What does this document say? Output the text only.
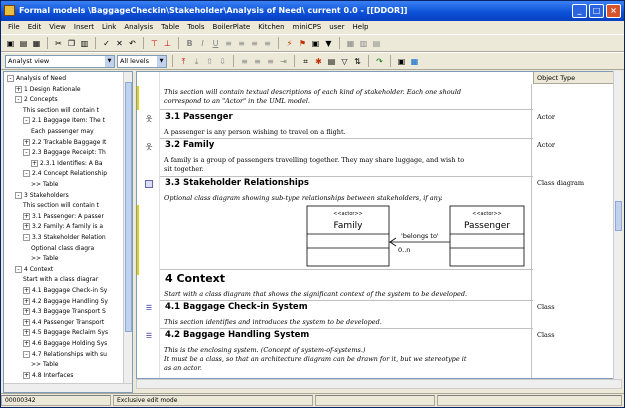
Formal models \BaggageCheckin\Stakeholder\Analysis of Need\ current 0.0 - [[DDOR]]	_	□	×
File	Edit	View	Insert	Link	Analysis	Table	Tools	BoilerPlate	Kitchen	miniCPS	user	Help
▣ ▤ ▦ ✂ ❐ ▥ ✓ ✕ ↶ ⊤ ⊥	B	I	U ≡ ≡ ≡ ≡	⚡ ⚑ ▣ ▼	▦ ▥ ▤
Analyst view	▼	All levels	▼	⤒	⤓ ⇧ ⇩ ≡ ≡ ≡ ⇥	⌗ ✱ ▤ ▽ ⇅ ↷ ▣ ▦
- Analysis of Need
+ 1 Design Rationale
- 2 Concepts
This section will contain t
- 2.1 Baggage Item: The t
Each passenger may
+ 2.2 Trackable Baggage It
- 2.3 Baggage Receipt: Th
+ 2.3.1 Identifies: A Ba
- 2.4 Concept Relationship
>> Table
- 3 Stakeholders
This section will contain t
+ 3.1 Passenger: A passer
+ 3.2 Family: A family is a
- 3.3 Stakeholder Relation
Optional class diagra
>> Table
- 4 Context
Start with a class diagrar
+ 4.1 Baggage Check-in Sy
+ 4.2 Baggage Handling Sy
+ 4.3 Baggage Transport S
+ 4.4 Passenger Transport
+ 4.5 Baggage Reclaim Sys
+ 4.6 Baggage Holding Sys
- 4.7 Relationships with su
>> Table
+ 4.8 Interfaces
Object Type
This section will contain textual descriptions of each kind of stakeholder. Each one should
correspond to an "Actor" in the UML model.
웃 3.1 Passenger	Actor
A passenger is any person wishing to travel on a flight.
웃 3.2 Family	Actor
A family is a group of passengers travelling together. They may share luggage, and wish to
sit together.
3.3 Stakeholder Relationships	Class diagram
Optional class diagram showing sub-type relationships between stakeholders, if any.
<<actor>>
Family
<<actor>>
Passenger
'belongs to'
0..n
4 Context
Start with a class diagram that shows the significant context of the system to be developed.
☰ 4.1 Baggage Check-in System	Class
This section identifies and introduces the system to be developed.
☰ 4.2 Baggage Handling System	Class
This is the enclosing system. (Concept of system-of-systems.)
It must be a class, so that an architecture diagram can be drawn for it, but we stereotype it
as an actor.
00000342	Exclusive edit mode
